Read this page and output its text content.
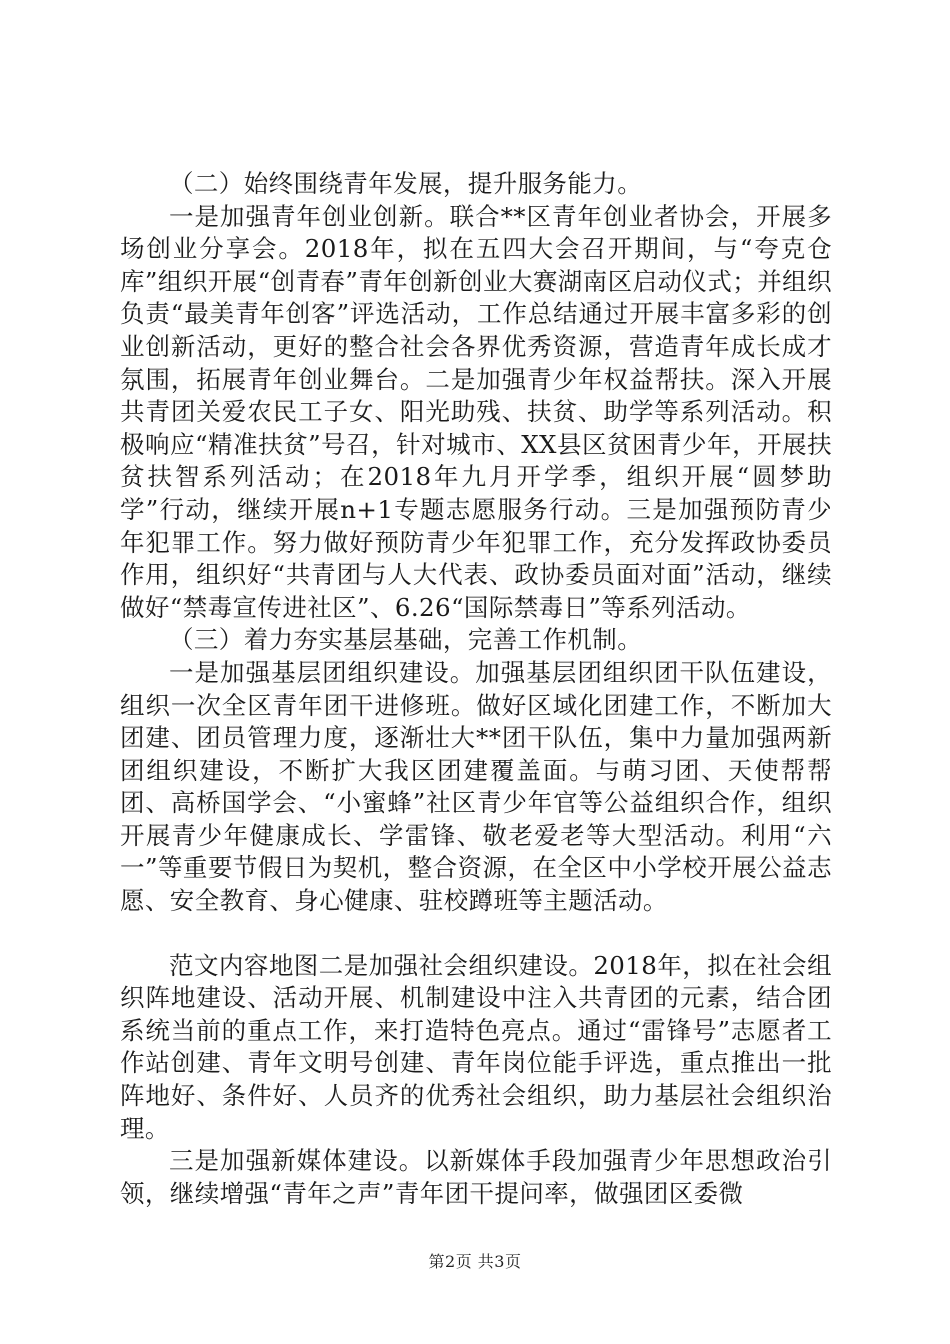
（二）始终围绕青年发展，提升服务能力。

一是加强青年创业创新。联合**区青年创业者协会，开展多场创业分享会。2018年，拟在五四大会召开期间，与“夸克仓库”组织开展“创青春”青年创新创业大赛湖南区启动仪式；并组织负责“最美青年创客”评选活动，工作总结通过开展丰富多彩的创业创新活动，更好的整合社会各界优秀资源，营造青年成长成才氛围，拓展青年创业舞台。二是加强青少年权益帮扶。深入开展共青团关爱农民工子女、阳光助残、扶贫、助学等系列活动。积极响应“精准扶贫”号召，针对城市、XX县区贫困青少年，开展扶贫扶智系列活动；在2018年九月开学季，组织开展“圆梦助学”行动，继续开展n+1专题志愿服务行动。三是加强预防青少年犯罪工作。努力做好预防青少年犯罪工作，充分发挥政协委员作用，组织好“共青团与人大代表、政协委员面对面”活动，继续做好“禁毒宣传进社区”、6.26“国际禁毒日”等系列活动。

（三）着力夯实基层基础，完善工作机制。

一是加强基层团组织建设。加强基层团组织团干队伍建设，组织一次全区青年团干进修班。做好区域化团建工作，不断加大团建、团员管理力度，逐渐壮大**团干队伍，集中力量加强两新团组织建设，不断扩大我区团建覆盖面。与萌习团、天使帮帮团、高桥国学会、“小蜜蜂”社区青少年官等公益组织合作，组织开展青少年健康成长、学雷锋、敬老爱老等大型活动。利用“六一”等重要节假日为契机，整合资源，在全区中小学校开展公益志愿、安全教育、身心健康、驻校蹲班等主题活动。

范文内容地图二是加强社会组织建设。2018年，拟在社会组织阵地建设、活动开展、机制建设中注入共青团的元素，结合团系统当前的重点工作，来打造特色亮点。通过“雷锋号”志愿者工作站创建、青年文明号创建、青年岗位能手评选，重点推出一批阵地好、条件好、人员齐的优秀社会组织，助力基层社会组织治理。

三是加强新媒体建设。以新媒体手段加强青少年思想政治引领，继续增强“青年之声”青年团干提问率，做强团区委微

第2页 共3页
